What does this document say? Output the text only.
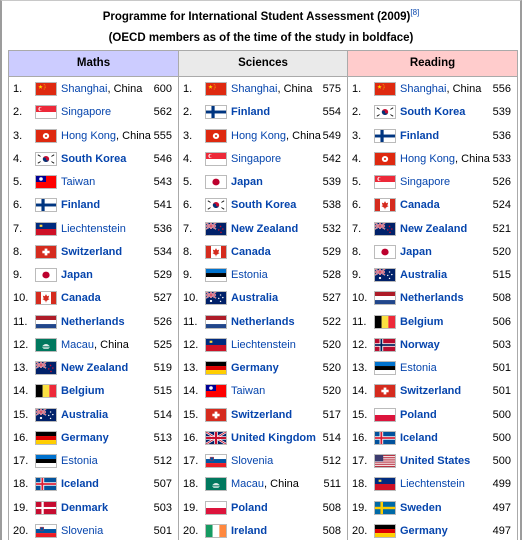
Programme for International Student Assessment (2009)[8]
(OECD members as of the time of the study in boldface)
Maths
1.	Shanghai, China 600
2.	Singapore	562
3.	Hong Kong, China 555
4.	South Korea 546
5.	Taiwan	543
6.	Finland	541
7.	Liechtenstein	536
8.	Switzerland	534
9.	Japan	529
10.	Canada	527
11.	Netherlands	526
12.	Macau, China 525
13.	New Zealand 519
14.	Belgium	515
15.	Australia	514
16.	Germany	513
17.	Estonia	512
18.	Iceland	507
19.	Denmark	503
20.	Slovenia	501
Sciences
1.	Shanghai, China 575
2.	Finland	554
3.	Hong Kong, China 549
4.	Singapore	542
5.	Japan	539
6.	South Korea 538
7.	New Zealand 532
8.	Canada	529
9.	Estonia	528
10.	Australia	527
11.	Netherlands	522
12.	Liechtenstein 520
13.	Germany	520
14.	Taiwan	520
15.	Switzerland	517
16.	United Kingdom 514
17.	Slovenia	512
18.	Macau, China 511
19.	Poland	508
20.	Ireland	508
Reading
1.	Shanghai, China 556
2.	South Korea 539
3.	Finland	536
4.	Hong Kong, China 533
5.	Singapore	526
6.	Canada	524
7.	New Zealand 521
8.	Japan	520
9.	Australia	515
10.	Netherlands	508
11.	Belgium	506
12.	Norway	503
13.	Estonia	501
14.	Switzerland	501
15.	Poland	500
16.	Iceland	500
17.	United States 500
18.	Liechtenstein	499
19.	Sweden	497
20.	Germany	497
